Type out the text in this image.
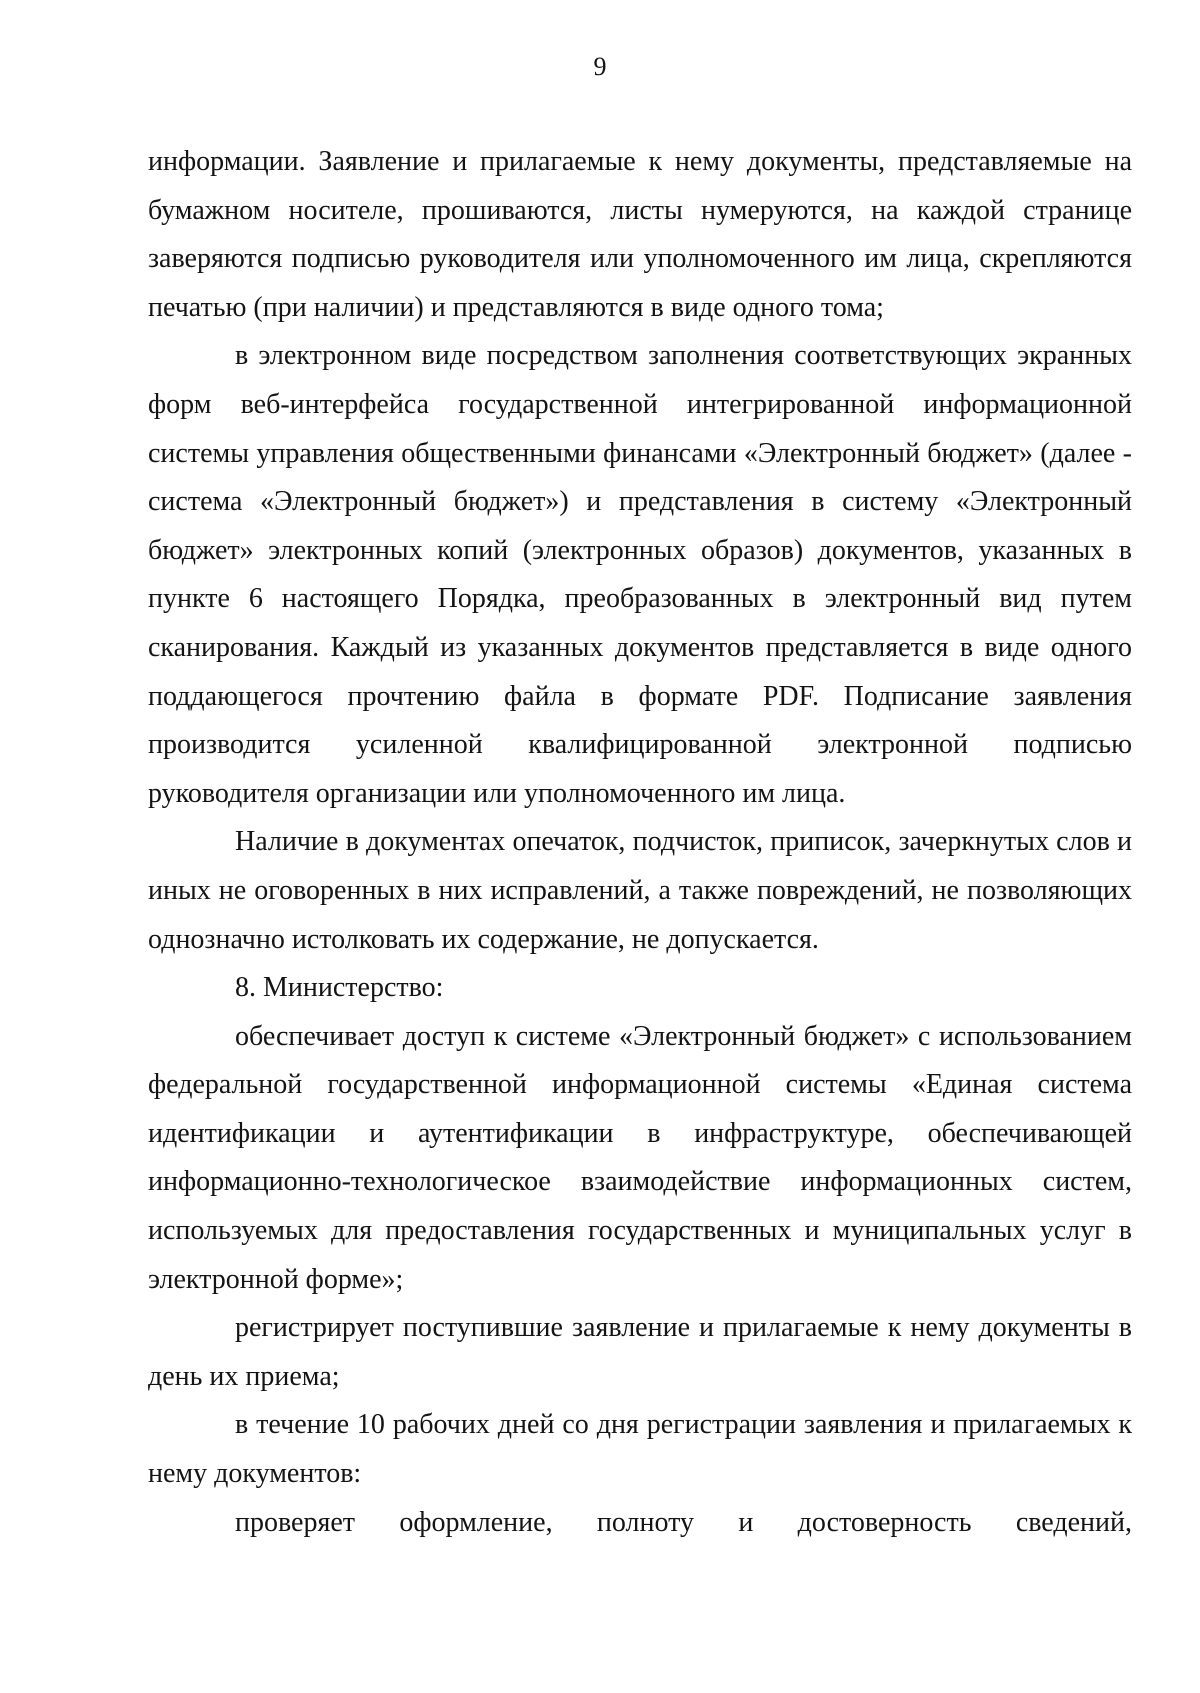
9

информации. Заявление и прилагаемые к нему документы, представляемые на бумажном носителе, прошиваются, листы нумеруются, на каждой странице заверяются подписью руководителя или уполномоченного им лица, скрепляются печатью (при наличии) и представляются в виде одного тома;

в электронном виде посредством заполнения соответствующих экранных форм веб-интерфейса государственной интегрированной информационной системы управления общественными финансами «Электронный бюджет» (далее - система «Электронный бюджет») и представления в систему «Электронный бюджет» электронных копий (электронных образов) документов, указанных в пункте 6 настоящего Порядка, преобразованных в электронный вид путем сканирования. Каждый из указанных документов представляется в виде одного поддающегося прочтению файла в формате PDF. Подписание заявления производится усиленной квалифицированной электронной подписью руководителя организации или уполномоченного им лица.

Наличие в документах опечаток, подчисток, приписок, зачеркнутых слов и иных не оговоренных в них исправлений, а также повреждений, не позволяющих однозначно истолковать их содержание, не допускается.

8. Министерство:

обеспечивает доступ к системе «Электронный бюджет» с использованием федеральной государственной информационной системы «Единая система идентификации и аутентификации в инфраструктуре, обеспечивающей информационно-технологическое взаимодействие информационных систем, используемых для предоставления государственных и муниципальных услуг в электронной форме»;

регистрирует поступившие заявление и прилагаемые к нему документы в день их приема;

в течение 10 рабочих дней со дня регистрации заявления и прилагаемых к нему документов:

проверяет оформление, полноту и достоверность сведений,
